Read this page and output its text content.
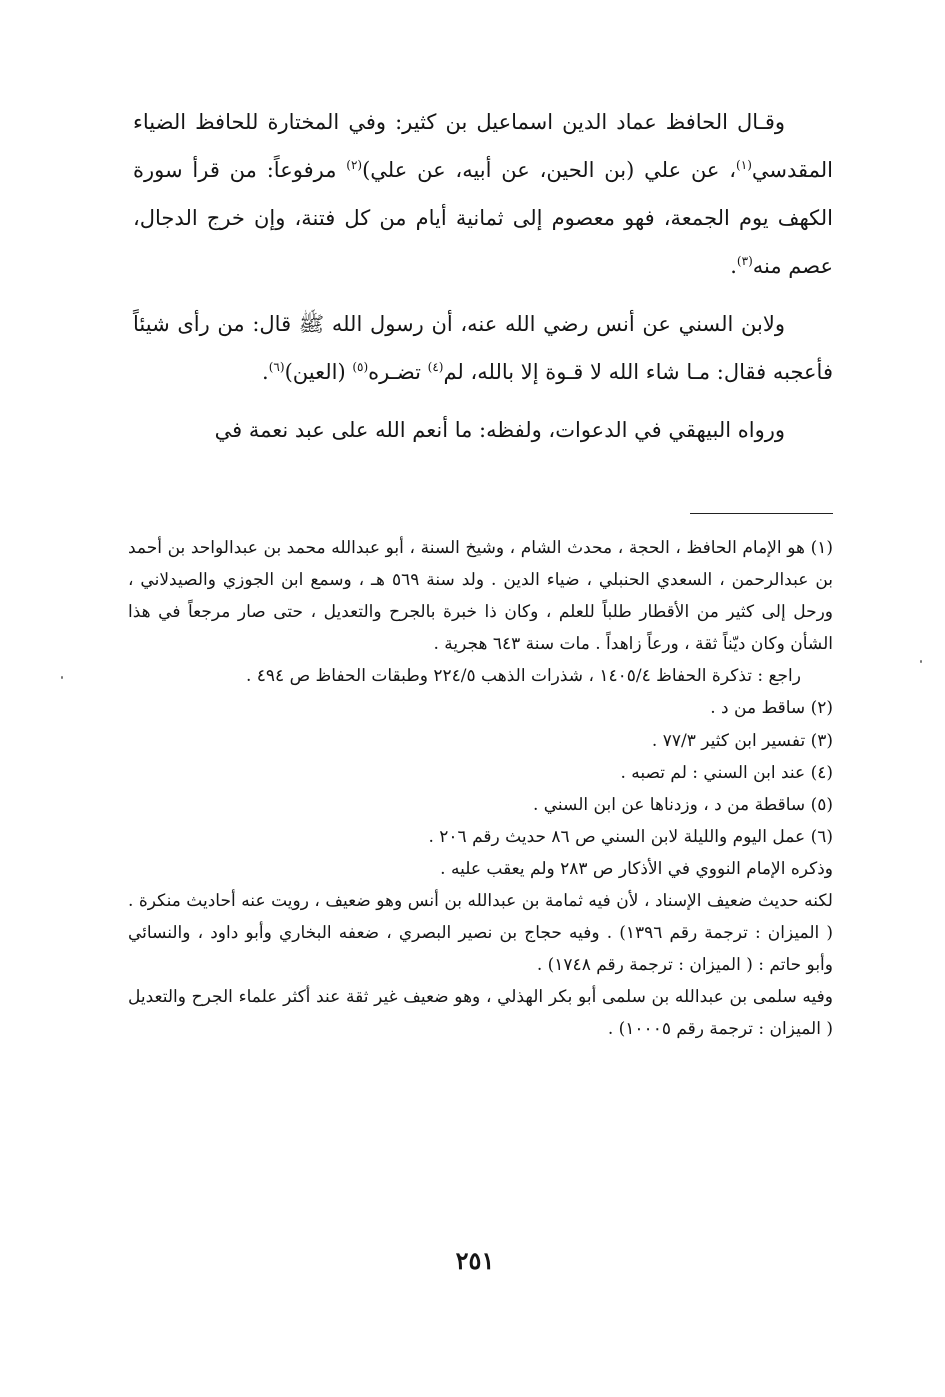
وقـال الحافظ عماد الدين اسماعيل بن كثير: وفي المختارة للحافظ الضياء المقدسي$^{(١)}$، عن علي (بن الحين، عن أبيه، عن علي)$^{(٢)}$ مرفوعاً: من قرأ سورة الكهف يوم الجمعة، فهو معصوم إلى ثمانية أيام من كل فتنة، وإن خرج الدجال، عصم منه$^{(٣)}$.

ولابن السني عن أنس رضي الله عنه، أن رسول الله ﷺ قال: من رأى شيئاً فأعجبه فقال: مـا شاء الله لا قـوة إلا بالله، لم$^{(٤)}$ تضـره$^{(٥)}$ (العين)$^{(٦)}$.

ورواه البيهقي في الدعوات، ولفظه: ما أنعم الله على عبد نعمة في

(١) هو الإمام الحافظ ، الحجة ، محدث الشام ، وشيخ السنة ، أبو عبدالله محمد بن عبدالواحد بن أحمد بن عبدالرحمن ، السعدي الحنبلي ، ضياء الدين . ولد سنة ٥٦٩ هـ ، وسمع ابن الجوزي والصيدلاني ، ورحل إلى كثير من الأقطار طلباً للعلم ، وكان ذا خبرة بالجرح والتعديل ، حتى صار مرجعاً في هذا الشأن وكان ديّناً ثقة ، ورعاً زاهداً . مات سنة ٦٤٣ هجرية .

راجع : تذكرة الحفاظ ١٤٠٥/٤ ، شذرات الذهب ٢٢٤/٥ وطبقات الحفاظ ص ٤٩٤ .

(٢) ساقط من د .

(٣) تفسير ابن كثير ٧٧/٣ .

(٤) عند ابن السني : لم تصبه .

(٥) ساقطة من د ، وزدناها عن ابن السني .

(٦) عمل اليوم والليلة لابن السني ص ٨٦ حديث رقم ٢٠٦ .

وذكره الإمام النووي في الأذكار ص ٢٨٣ ولم يعقب عليه .

لكنه حديث ضعيف الإسناد ، لأن فيه ثمامة بن عبدالله بن أنس وهو ضعيف ، رويت عنه أحاديث منكرة . ( الميزان : ترجمة رقم ١٣٩٦) . وفيه حجاج بن نصير البصري ، ضعفه البخاري وأبو داود ، والنسائي وأبو حاتم : ( الميزان : ترجمة رقم ١٧٤٨) .

وفيه سلمى بن عبدالله بن سلمى أبو بكر الهذلي ، وهو ضعيف غير ثقة عند أكثر علماء الجرح والتعديل ( الميزان : ترجمة رقم ١٠٠٠٥) .

٢٥١
